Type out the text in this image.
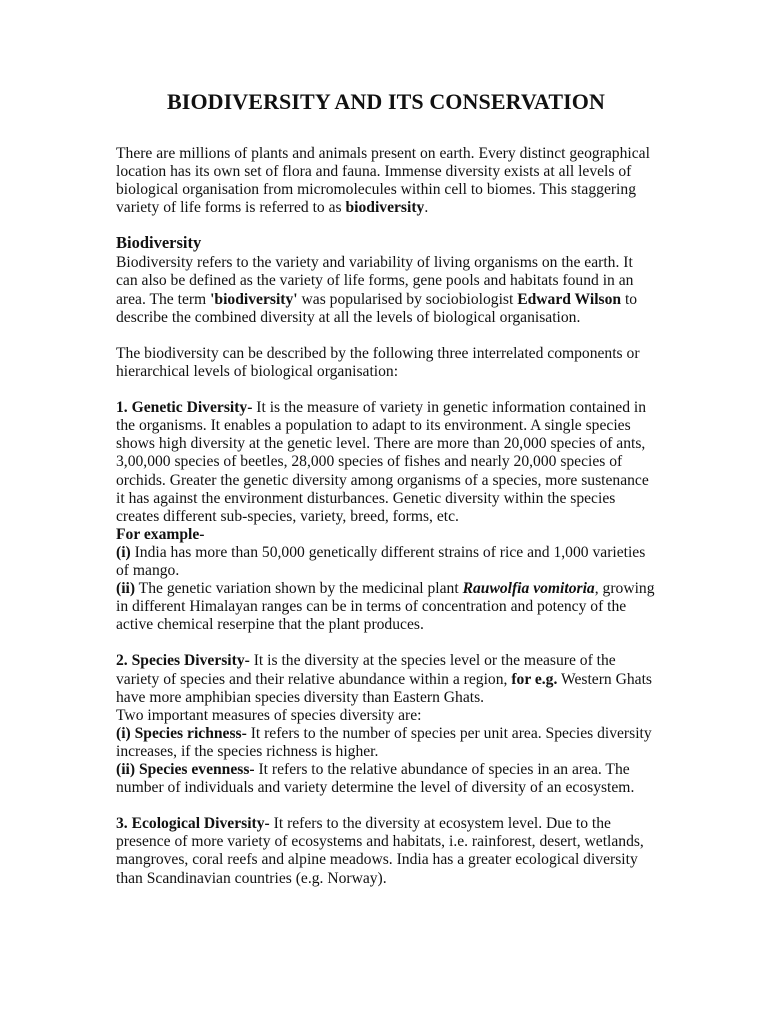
BIODIVERSITY AND ITS CONSERVATION

There are millions of plants and animals present on earth. Every distinct geographical location has its own set of flora and fauna. Immense diversity exists at all levels of biological organisation from micromolecules within cell to biomes. This staggering variety of life forms is referred to as biodiversity.

Biodiversity

Biodiversity refers to the variety and variability of living organisms on the earth. It can also be defined as the variety of life forms, gene pools and habitats found in an area. The term 'biodiversity' was popularised by sociobiologist Edward Wilson to describe the combined diversity at all the levels of biological organisation.

The biodiversity can be described by the following three interrelated components or hierarchical levels of biological organisation:

1. Genetic Diversity- It is the measure of variety in genetic information contained in the organisms. It enables a population to adapt to its environment. A single species shows high diversity at the genetic level. There are more than 20,000 species of ants, 3,00,000 species of beetles, 28,000 species of fishes and nearly 20,000 species of orchids. Greater the genetic diversity among organisms of a species, more sustenance it has against the environment disturbances. Genetic diversity within the species creates different sub-species, variety, breed, forms, etc.

For example-

(i) India has more than 50,000 genetically different strains of rice and 1,000 varieties of mango.

(ii) The genetic variation shown by the medicinal plant Rauwolfia vomitoria, growing in different Himalayan ranges can be in terms of concentration and potency of the active chemical reserpine that the plant produces.

2. Species Diversity- It is the diversity at the species level or the measure of the variety of species and their relative abundance within a region, for e.g. Western Ghats have more amphibian species diversity than Eastern Ghats.

Two important measures of species diversity are:

(i) Species richness- It refers to the number of species per unit area. Species diversity increases, if the species richness is higher.

(ii) Species evenness- It refers to the relative abundance of species in an area. The number of individuals and variety determine the level of diversity of an ecosystem.

3. Ecological Diversity- It refers to the diversity at ecosystem level. Due to the presence of more variety of ecosystems and habitats, i.e. rainforest, desert, wetlands, mangroves, coral reefs and alpine meadows. India has a greater ecological diversity than Scandinavian countries (e.g. Norway).
